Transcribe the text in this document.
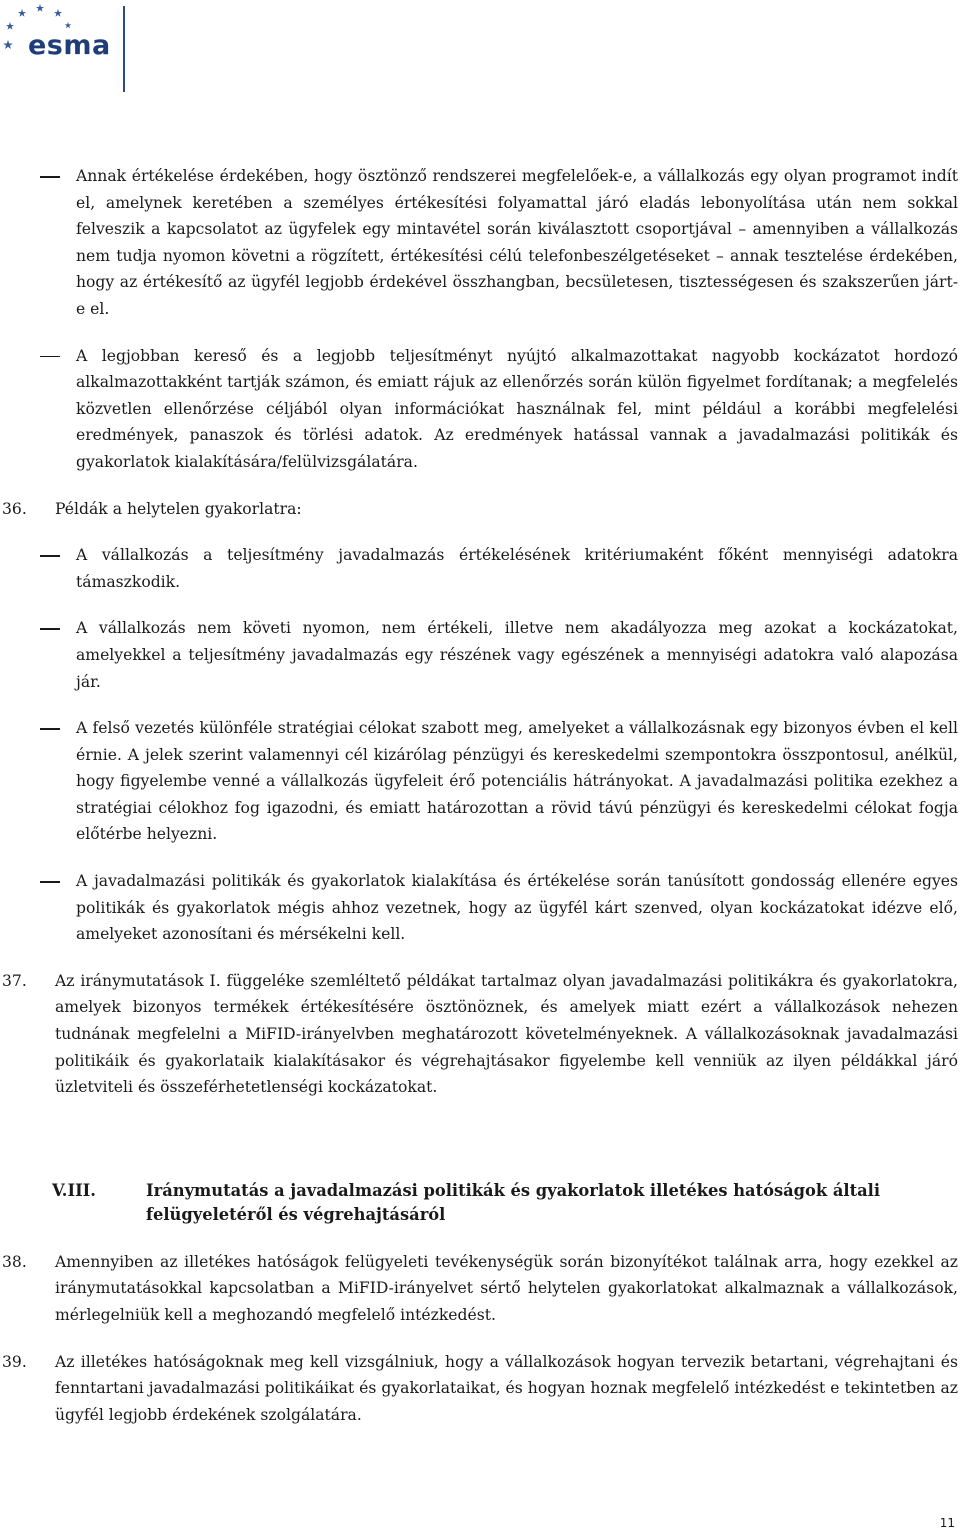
esma
Annak értékelése érdekében, hogy ösztönző rendszerei megfelelőek-e, a vállalkozás egy olyan programot indít el, amelynek keretében a személyes értékesítési folyamattal járó eladás lebonyolítása után nem sokkal felveszik a kapcsolatot az ügyfelek egy mintavétel során kiválasztott csoportjával – amennyiben a vállalkozás nem tudja nyomon követni a rögzített, értékesítési célú telefonbeszélgetéseket – annak tesztelése érdekében, hogy az értékesítő az ügyfél legjobb érdekével összhangban, becsületesen, tisztességesen és szakszerűen járt-e el.
A legjobban kereső és a legjobb teljesítményt nyújtó alkalmazottakat nagyobb kockázatot hordozó alkalmazottakként tartják számon, és emiatt rájuk az ellenőrzés során külön figyelmet fordítanak; a megfelelés közvetlen ellenőrzése céljából olyan információkat használnak fel, mint például a korábbi megfelelési eredmények, panaszok és törlési adatok. Az eredmények hatással vannak a javadalmazási politikák és gyakorlatok kialakítására/felülvizsgálatára.
36. Példák a helytelen gyakorlatra:
A vállalkozás a teljesítmény javadalmazás értékelésének kritériumaként főként mennyiségi adatokra támaszkodik.
A vállalkozás nem követi nyomon, nem értékeli, illetve nem akadályozza meg azokat a kockázatokat, amelyekkel a teljesítmény javadalmazás egy részének vagy egészének a mennyiségi adatokra való alapozása jár.
A felső vezetés különféle stratégiai célokat szabott meg, amelyeket a vállalkozásnak egy bizonyos évben el kell érnie. A jelek szerint valamennyi cél kizárólag pénzügyi és kereskedelmi szempontokra összpontosul, anélkül, hogy figyelembe venné a vállalkozás ügyfeleit érő potenciális hátrányokat. A javadalmazási politika ezekhez a stratégiai célokhoz fog igazodni, és emiatt határozottan a rövid távú pénzügyi és kereskedelmi célokat fogja előtérbe helyezni.
A javadalmazási politikák és gyakorlatok kialakítása és értékelése során tanúsított gondosság ellenére egyes politikák és gyakorlatok mégis ahhoz vezetnek, hogy az ügyfél kárt szenved, olyan kockázatokat idézve elő, amelyeket azonosítani és mérsékelni kell.
37. Az iránymutatások I. függeléke szemléltető példákat tartalmaz olyan javadalmazási politikákra és gyakorlatokra, amelyek bizonyos termékek értékesítésére ösztönöznek, és amelyek miatt ezért a vállalkozások nehezen tudnának megfelelni a MiFID-irányelvben meghatározott követelményeknek. A vállalkozásoknak javadalmazási politikáik és gyakorlataik kialakításakor és végrehajtásakor figyelembe kell venniük az ilyen példákkal járó üzletviteli és összeférhetetlenségi kockázatokat.
V.III.	Iránymutatás a javadalmazási politikák és gyakorlatok illetékes hatóságok általi felügyeletéről és végrehajtásáról
38. Amennyiben az illetékes hatóságok felügyeleti tevékenységük során bizonyítékot találnak arra, hogy ezekkel az iránymutatásokkal kapcsolatban a MiFID-irányelvet sértő helytelen gyakorlatokat alkalmaznak a vállalkozások, mérlegelniük kell a meghozandó megfelelő intézkedést.
39. Az illetékes hatóságoknak meg kell vizsgálniuk, hogy a vállalkozások hogyan tervezik betartani, végrehajtani és fenntartani javadalmazási politikáikat és gyakorlataikat, és hogyan hoznak megfelelő intézkedést e tekintetben az ügyfél legjobb érdekének szolgálatára.
11
